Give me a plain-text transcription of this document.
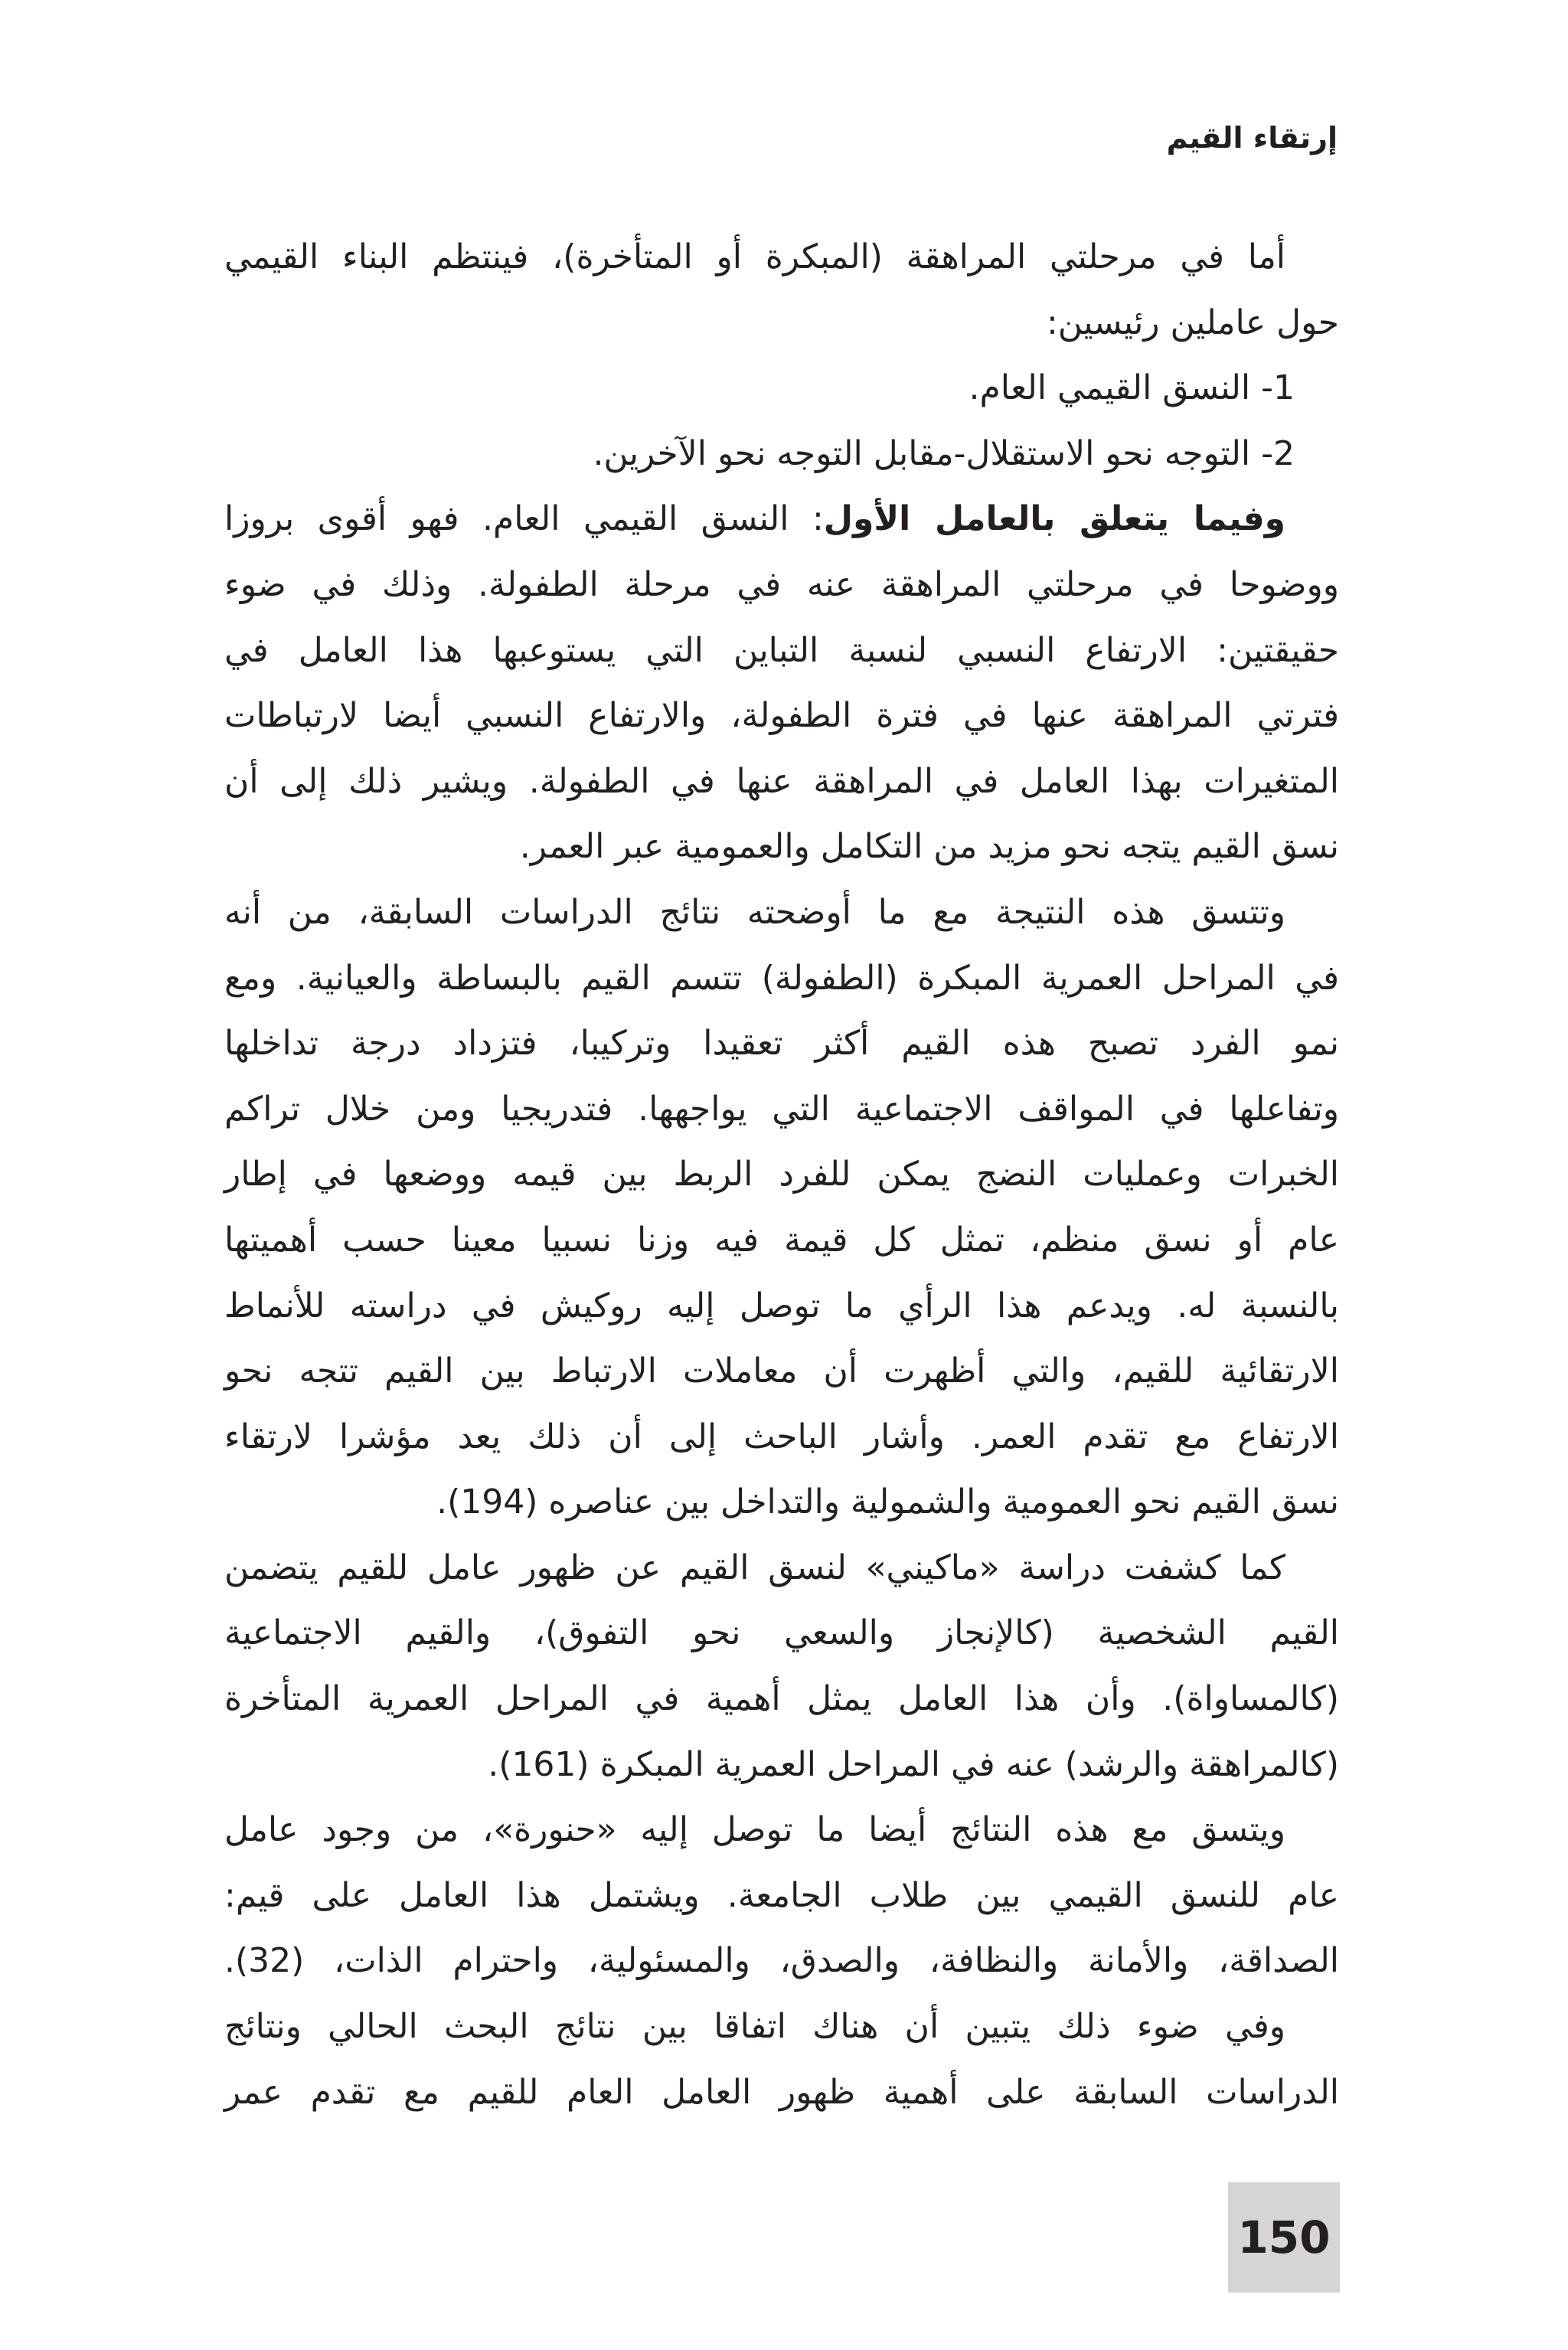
إرتقاء القيم
أما في مرحلتي المراهقة (المبكرة أو المتأخرة)، فينتظم البناء القيمي
حول عاملين رئيسين:
1- النسق القيمي العام.
2- التوجه نحو الاستقلال-مقابل التوجه نحو الآخرين.
وفيما يتعلق بالعامل الأول: النسق القيمي العام. فهو أقوى بروزا
ووضوحا في مرحلتي المراهقة عنه في مرحلة الطفولة. وذلك في ضوء
حقيقتين: الارتفاع النسبي لنسبة التباين التي يستوعبها هذا العامل في
فترتي المراهقة عنها في فترة الطفولة، والارتفاع النسبي أيضا لارتباطات
المتغيرات بهذا العامل في المراهقة عنها في الطفولة. ويشير ذلك إلى أن
نسق القيم يتجه نحو مزيد من التكامل والعمومية عبر العمر.
وتتسق هذه النتيجة مع ما أوضحته نتائج الدراسات السابقة، من أنه
في المراحل العمرية المبكرة (الطفولة) تتسم القيم بالبساطة والعيانية. ومع
نمو الفرد تصبح هذه القيم أكثر تعقيدا وتركيبا، فتزداد درجة تداخلها
وتفاعلها في المواقف الاجتماعية التي يواجهها. فتدريجيا ومن خلال تراكم
الخبرات وعمليات النضج يمكن للفرد الربط بين قيمه ووضعها في إطار
عام أو نسق منظم، تمثل كل قيمة فيه وزنا نسبيا معينا حسب أهميتها
بالنسبة له. ويدعم هذا الرأي ما توصل إليه روكيش في دراسته للأنماط
الارتقائية للقيم، والتي أظهرت أن معاملات الارتباط بين القيم تتجه نحو
الارتفاع مع تقدم العمر. وأشار الباحث إلى أن ذلك يعد مؤشرا لارتقاء
نسق القيم نحو العمومية والشمولية والتداخل بين عناصره (194).
كما كشفت دراسة «ماكيني» لنسق القيم عن ظهور عامل للقيم يتضمن
القيم الشخصية (كالإنجاز والسعي نحو التفوق)، والقيم الاجتماعية
(كالمساواة). وأن هذا العامل يمثل أهمية في المراحل العمرية المتأخرة
(كالمراهقة والرشد) عنه في المراحل العمرية المبكرة (161).
ويتسق مع هذه النتائج أيضا ما توصل إليه «حنورة»، من وجود عامل
عام للنسق القيمي بين طلاب الجامعة. ويشتمل هذا العامل على قيم:
الصداقة، والأمانة والنظافة، والصدق، والمسئولية، واحترام الذات، (32).
وفي ضوء ذلك يتبين أن هناك اتفاقا بين نتائج البحث الحالي ونتائج
الدراسات السابقة على أهمية ظهور العامل العام للقيم مع تقدم عمر
150
